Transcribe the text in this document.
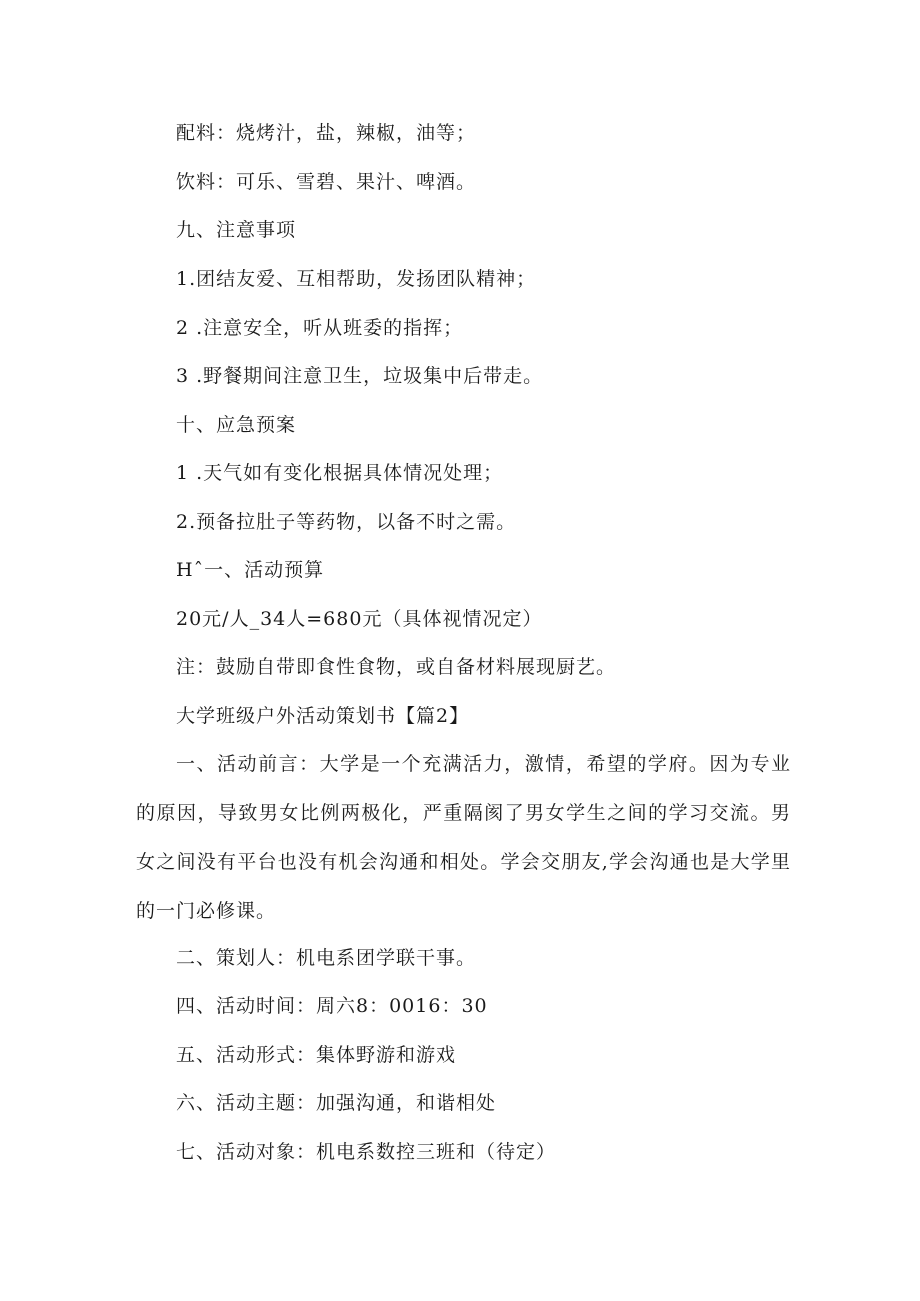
配料：烧烤汁，盐，辣椒，油等；
饮料：可乐、雪碧、果汁、啤酒。
九、注意事项
1.团结友爱、互相帮助，发扬团队精神；
2 .注意安全，听从班委的指挥；
3 .野餐期间注意卫生，垃圾集中后带走。
十、应急预案
1 .天气如有变化根据具体情况处理；
2.预备拉肚子等药物，以备不时之需。
Hˆ一、活动预算
20元/人_34人=680元（具体视情况定）
注：鼓励自带即食性食物，或自备材料展现厨艺。
大学班级户外活动策划书【篇2】
一、活动前言：大学是一个充满活力，激情，希望的学府。因为专业的原因，导致男女比例两极化，严重隔阂了男女学生之间的学习交流。男女之间没有平台也没有机会沟通和相处。学会交朋友,学会沟通也是大学里的一门必修课。
二、策划人：机电系团学联干事。
四、活动时间：周六8：0016：30
五、活动形式：集体野游和游戏
六、活动主题：加强沟通，和谐相处
七、活动对象：机电系数控三班和（待定）
